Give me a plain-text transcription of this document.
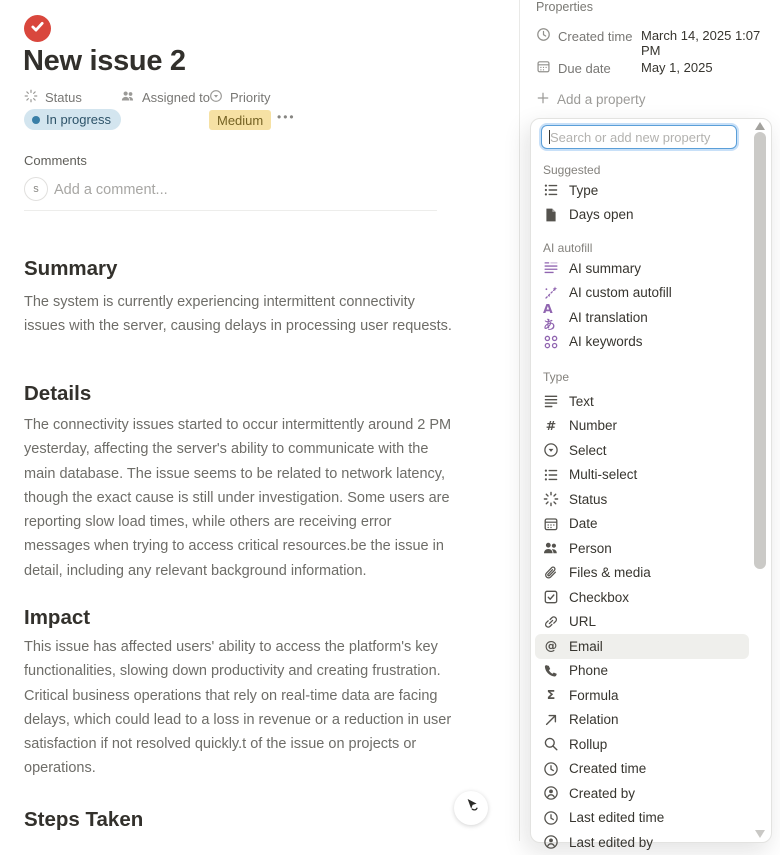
New issue 2
Status	Assigned to Priority
In progress	Medium •••
Comments
s Add a comment...
Summary
The system is currently experiencing intermittent connectivity issues with the server, causing delays in processing user requests.
Details
The connectivity issues started to occur intermittently around 2 PM yesterday, affecting the server's ability to communicate with the main database. The issue seems to be related to network latency, though the exact cause is still under investigation. Some users are reporting slow load times, while others are receiving error messages when trying to access critical resources.be the issue in detail, including any relevant background information.
Impact
This issue has affected users' ability to access the platform's key functionalities, slowing down productivity and creating frustration. Critical business operations that rely on real-time data are facing delays, which could lead to a loss in revenue or a reduction in user satisfaction if not resolved quickly.t of the issue on projects or operations.
Steps Taken
Properties
Created time March 14, 2025 1:07 PM
Due date May 1, 2025
Add a property
Search or add new property
Suggested
Type
Days open
AI autofill
AI summary
AI custom autofill
Aあ AI translation
AI keywords
Type
Text
# Number
Select
Multi-select
Status
Date
Person
Files & media
Checkbox
URL
@ Email
Phone
Σ Formula
Relation
Rollup
Created time
Created by
Last edited time
Last edited by
